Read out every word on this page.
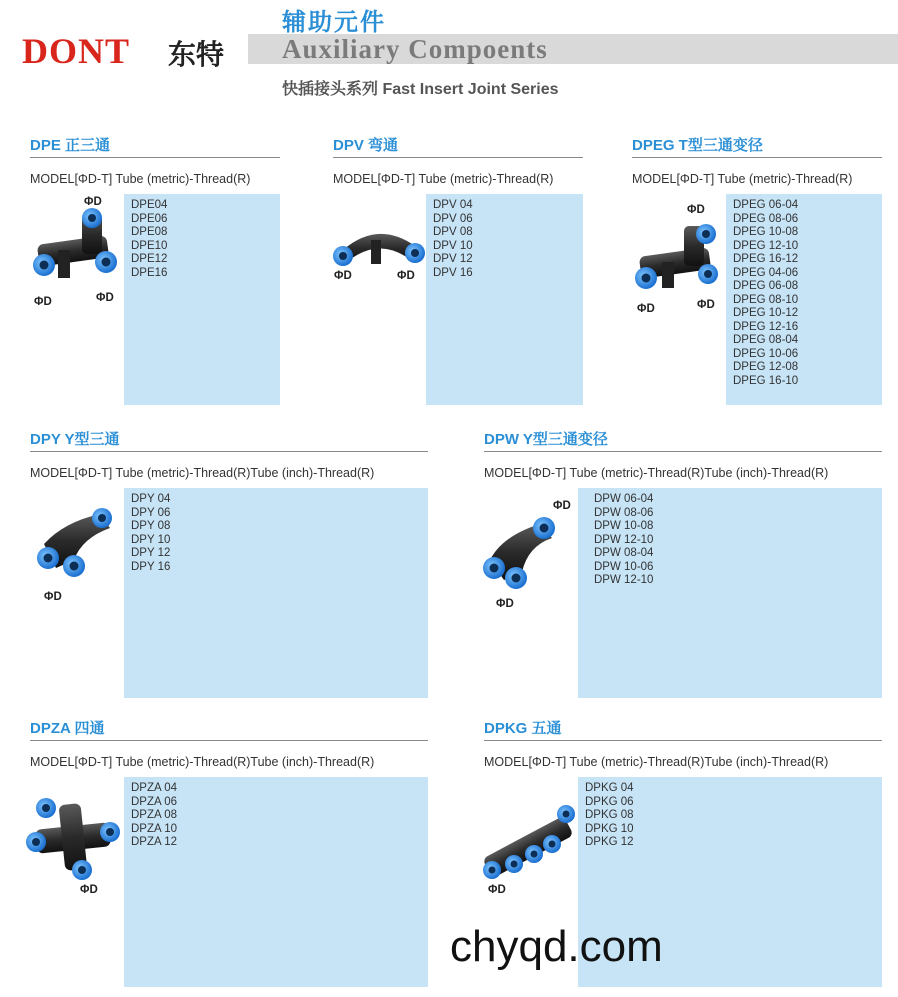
DONT 东特
辅助元件
Auxiliary Compoents
快插接头系列 Fast Insert Joint Series
DPE 正三通
MODEL[ΦD-T] Tube (metric)-Thread(R)
DPE04
DPE06
DPE08
DPE10
DPE12
DPE16
ΦD
ΦD	ΦD
DPV 弯通
MODEL[ΦD-T] Tube (metric)-Thread(R)
DPV 04
DPV 06
DPV 08
DPV 10
DPV 12
DPV 16
ΦD	ΦD
DPEG T型三通变径
MODEL[ΦD-T] Tube (metric)-Thread(R)
DPEG 06-04
DPEG 08-06
DPEG 10-08
DPEG 12-10
DPEG 16-12
DPEG 04-06
DPEG 06-08
DPEG 08-10
DPEG 10-12
DPEG 12-16
DPEG 08-04
DPEG 10-06
DPEG 12-08
DPEG 16-10
ΦD
ΦD	ΦD
DPY Y型三通
MODEL[ΦD-T] Tube (metric)-Thread(R)Tube (inch)-Thread(R)
DPY 04
DPY 06
DPY 08
DPY 10
DPY 12
DPY 16
ΦD
DPW Y型三通变径
MODEL[ΦD-T] Tube (metric)-Thread(R)Tube (inch)-Thread(R)
DPW 06-04
DPW 08-06
DPW 10-08
DPW 12-10
DPW 08-04
DPW 10-06
DPW 12-10
ΦD
ΦD
DPZA 四通
MODEL[ΦD-T] Tube (metric)-Thread(R)Tube (inch)-Thread(R)
DPZA 04
DPZA 06
DPZA 08
DPZA 10
DPZA 12
ΦD
DPKG 五通
MODEL[ΦD-T] Tube (metric)-Thread(R)Tube (inch)-Thread(R)
DPKG 04
DPKG 06
DPKG 08
DPKG 10
DPKG 12
ΦD
chyqd.com
